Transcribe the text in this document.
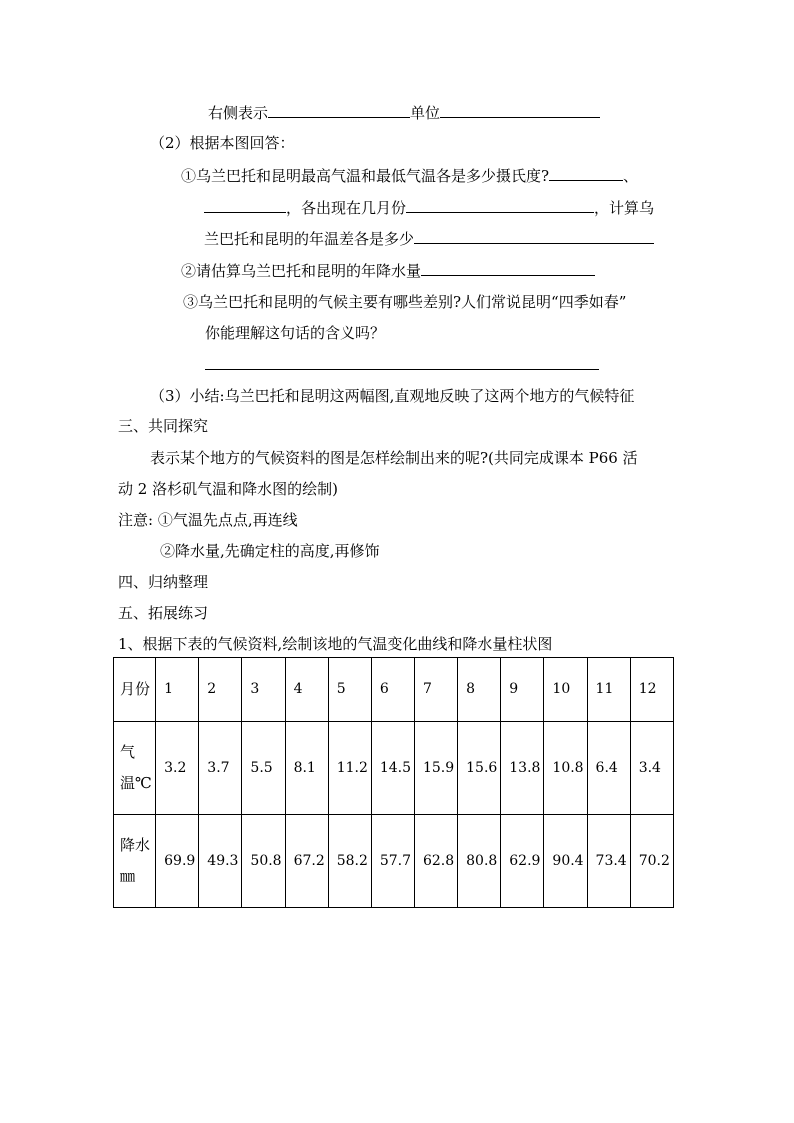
右侧表示	单位
（2）根据本图回答：
①乌兰巴托和昆明最高气温和最低气温各是多少摄氏度?	、
，各出现在几月份	，计算乌
兰巴托和昆明的年温差各是多少
②请估算乌兰巴托和昆明的年降水量
③乌兰巴托和昆明的气候主要有哪些差别?人们常说昆明“四季如春”
你能理解这句话的含义吗？
（3）小结:乌兰巴托和昆明这两幅图,直观地反映了这两个地方的气候特征
三、共同探究
表示某个地方的气候资料的图是怎样绘制出来的呢?(共同完成课本 P66 活
动 2 洛杉矶气温和降水图的绘制)
注意: ①气温先点点,再连线
②降水量,先确定柱的高度,再修饰
四、归纳整理
五、拓展练习
1、根据下表的气候资料,绘制该地的气温变化曲线和降水量柱状图
月份	1	2	3	4	5	6	7	8	9	10	11	12
气温℃	3.2	3.7	5.5	8.1	11.2	14.5	15.9	15.6	13.8	10.8	6.4	3.4
降水㎜	69.9	49.3	50.8	67.2	58.2	57.7	62.8	80.8	62.9	90.4	73.4	70.2
